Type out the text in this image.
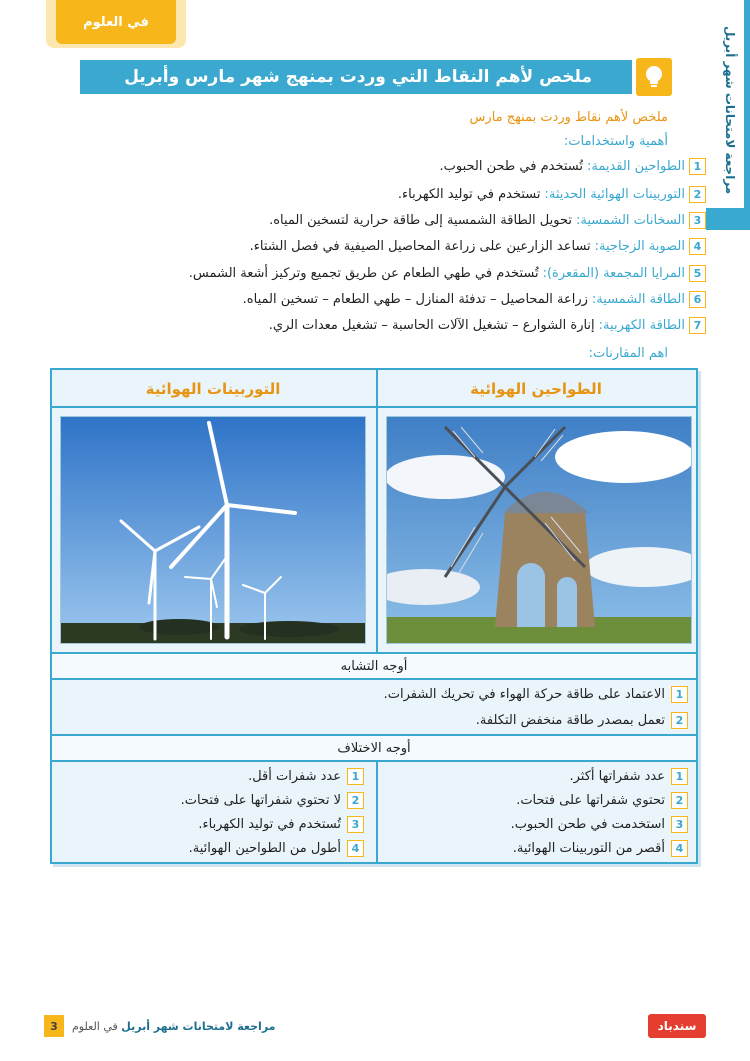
مراجعة لامتحانات شهر أبريل
في العلوم
ملخص لأهم النقاط التي وردت بمنهج شهر مارس وأبريل
ملخص لأهم نقاط وردت بمنهج مارس
أهمية واستخدامات:
1
الطواحين القديمة:
تُستخدم في طحن الحبوب.
2
التوربينات الهوائية الحديثة:
تستخدم في توليد الكهرباء.
3
السخانات الشمسية:
تحويل الطاقة الشمسية إلى طاقة حرارية لتسخين المياه.
4
الصوبة الزجاجية:
تساعد الزارعين على زراعة المحاصيل الصيفية في فصل الشتاء.
5
المرايا المجمعة (المقعرة):
تُستخدم في طهي الطعام عن طريق تجميع وتركيز أشعة الشمس.
6
الطاقة الشمسية:
زراعة المحاصيل – تدفئة المنازل – طهي الطعام – تسخين المياه.
7
الطاقة الكهربية:
إنارة الشوارع – تشغيل الآلات الحاسبة – تشغيل معدات الري.
اهم المقارنات:
الطواحين الهوائية
التوربينات الهوائية
أوجه التشابه
1
الاعتماد على طاقة حركة الهواء في تحريك الشفرات.
2
تعمل بمصدر طاقة منخفض التكلفة.
أوجه الاختلاف
1
عدد شفراتها أكثر.
2
تحتوي شفراتها على فتحات.
3
استخدمت في طحن الحبوب.
4
أقصر من التوربينات الهوائية.
1
عدد شفرات أقل.
2
لا تحتوي شفراتها على فتحات.
3
تُستخدم في توليد الكهرباء.
4
أطول من الطواحين الهوائية.
سندباد
مراجعة لامتحانات شهر أبريل في العلوم
3
